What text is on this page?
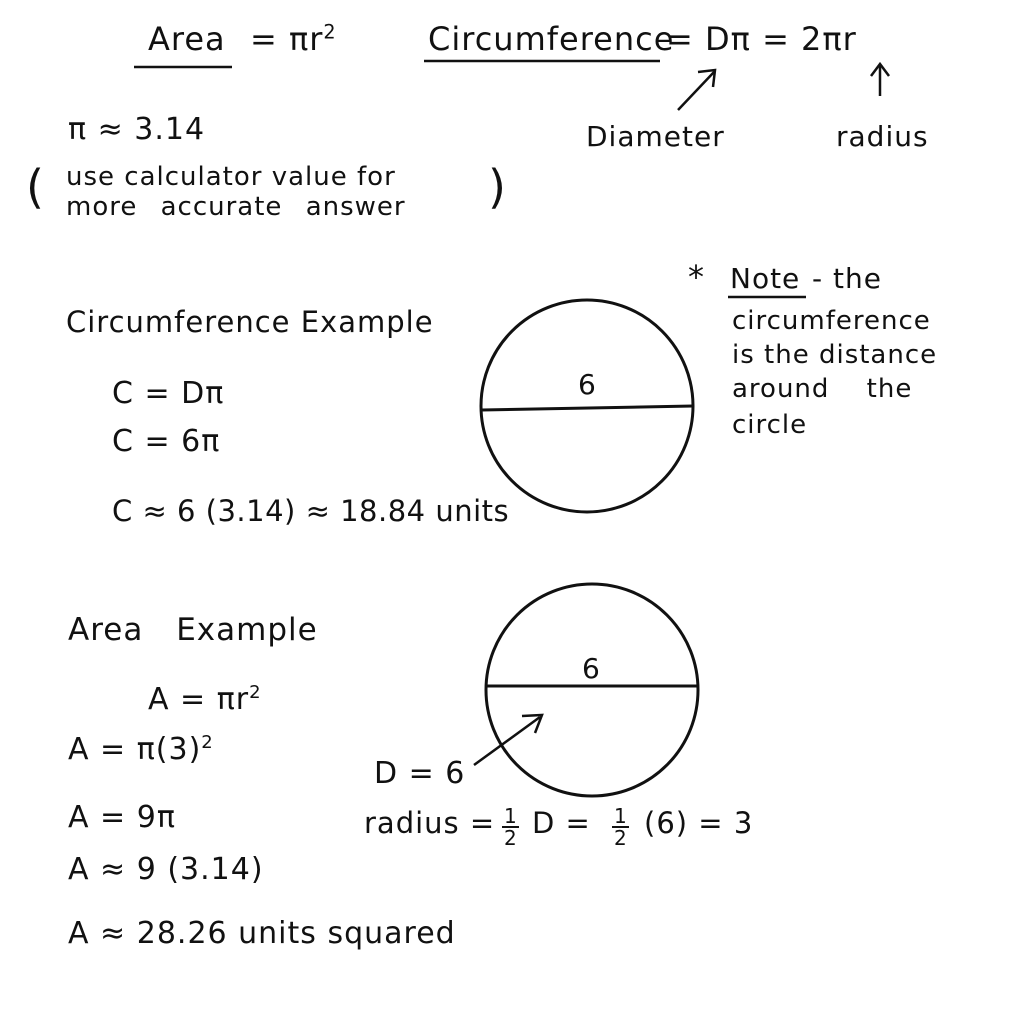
Area = $\pi r^2$	Circumference
= Dπ = 2πr
Diameter	radius
π ≈ 3.14
( use calculator value for
more accurate answer )
* Note - the
circumference
is the distance
around the
circle
Circumference Example
C = Dπ
C = 6π
C ≈ 6 (3.14) ≈ 18.84 units
6
Area Example
$A = \pi r^2$
$A = \pi(3)^2$
A = 9π
A ≈ 9 (3.14)
A ≈ 28.26 units squared
6
D = 6
radius = $\frac{1}{2}$ $D = \frac{1}{2} (6) = 3$
